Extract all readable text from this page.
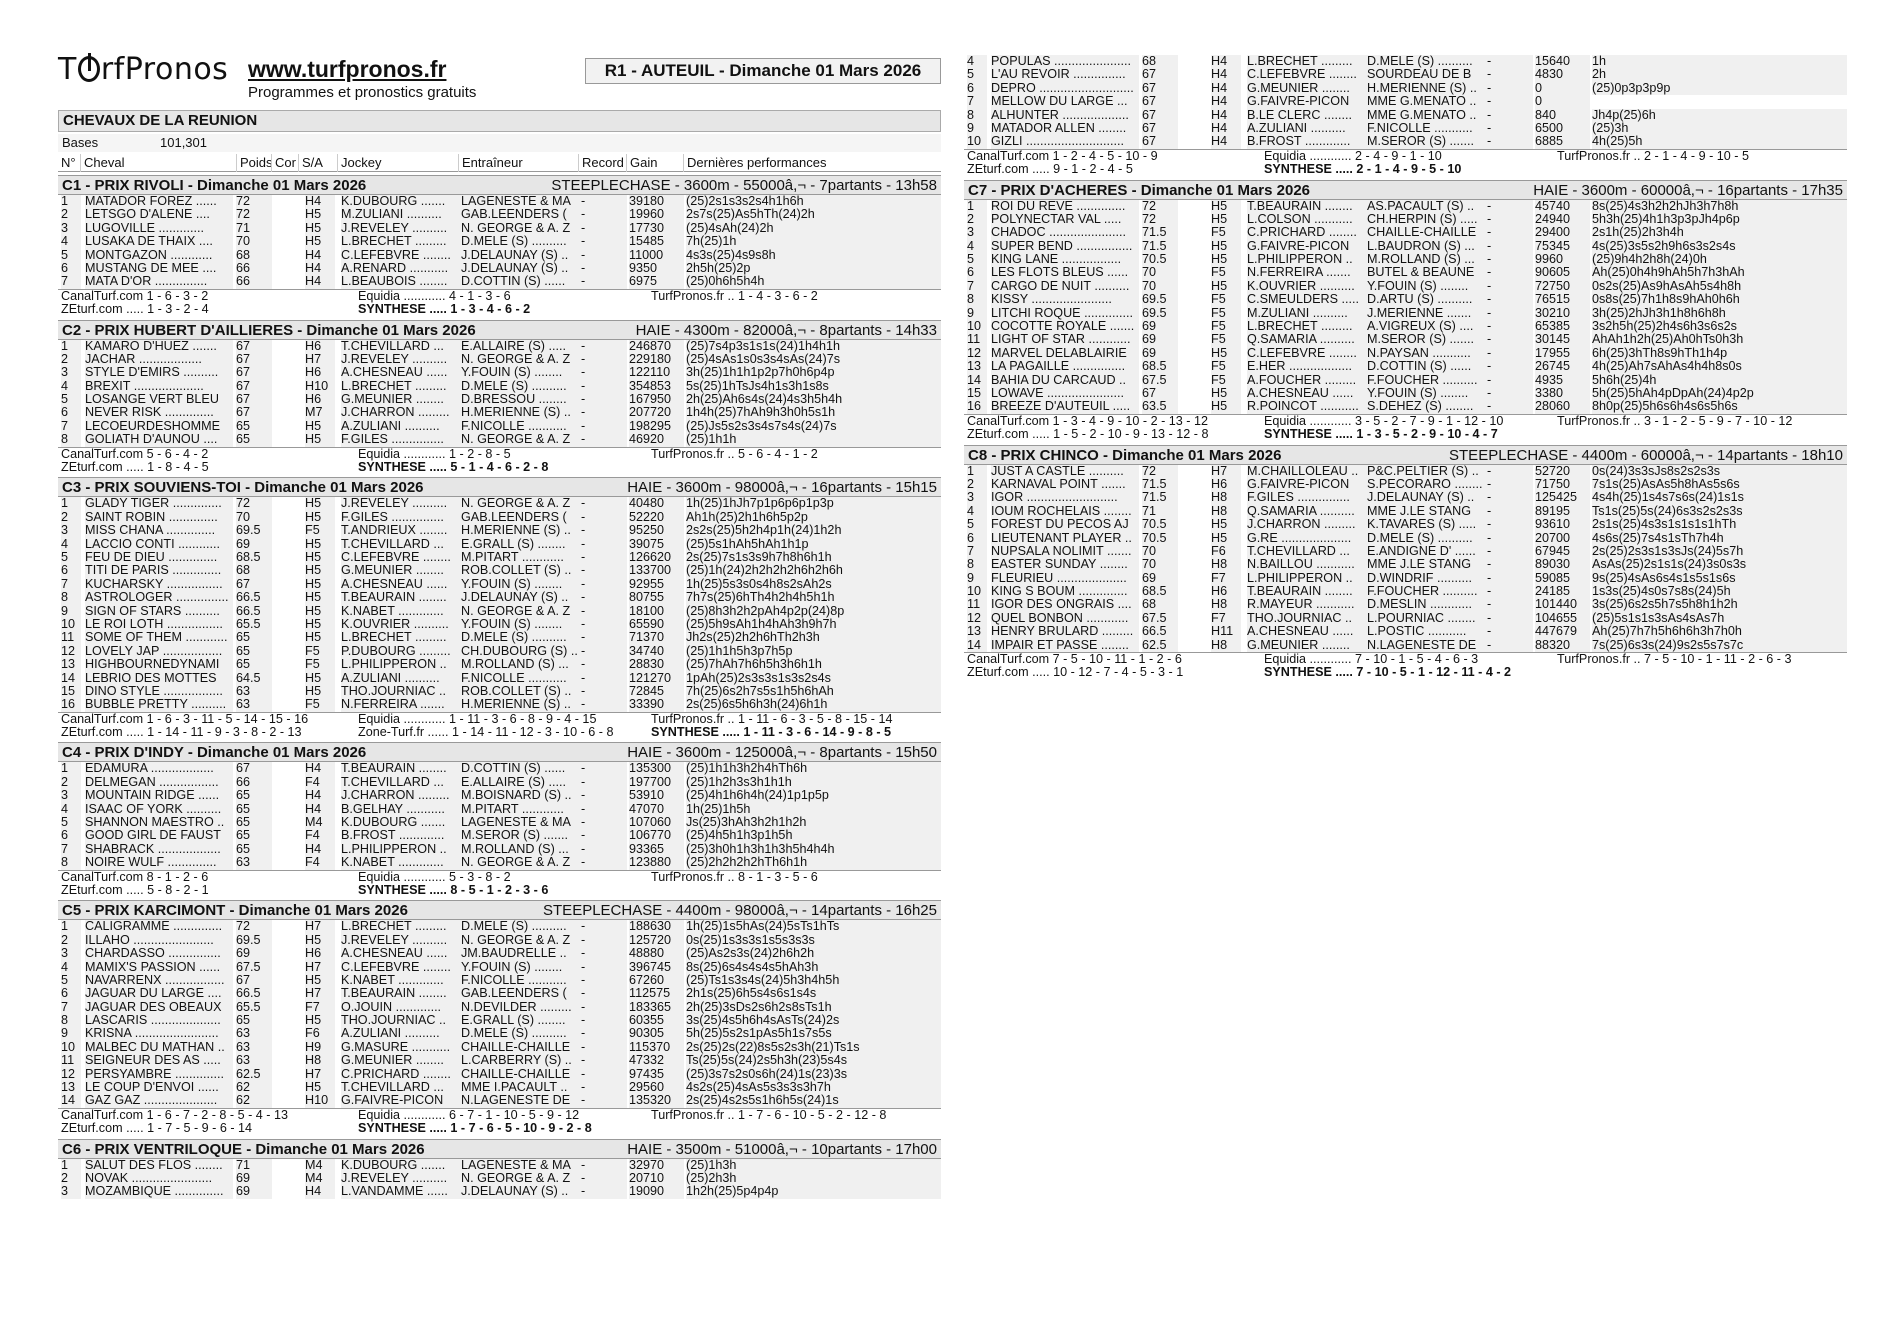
T rfPronos www.turfpronos.fr
Programmes et pronostics gratuits
R1 - AUTEUIL - Dimanche 01 Mars 2026
CHEVAUX DE LA REUNION
Bases	101,301
N° Cheval	Poids Cor S/A	Jockey	Entraîneur	Record Gain	Dernières performances
C1 - PRIX RIVOLI - Dimanche 01 Mars 2026	STEEPLECHASE - 3600m - 55000â,¬ - 7partants - 13h58
1	MATADOR FOREZ ......	72	H4	K.DUBOURG .......	LAGENESTE & MA -	39180	(25)2s1s3s2s4h1h6h
2	LETSGO D'ALENE ....	72	H5	M.ZULIANI ..........	GAB.LEENDERS (	-	19960	2s7s(25)As5hTh(24)2h
3	LUGOVILLE .............	71	H5	J.REVELEY ..........	N. GEORGE & A. Z -	17730	(25)4sAh(24)2h
4	LUSAKA DE THAIX ....	70	H5	L.BRECHET .........	D.MELE (S) ..........	-	15485	7h(25)1h
5	MONTGAZON ............	68	H4	C.LEFEBVRE ........ J.DELAUNAY (S) ..	-	11000	4s3s(25)4s9s8h
6	MUSTANG DE MEE ....	66	H4	A.RENARD ...........	J.DELAUNAY (S) ..	-	9350	2h5h(25)2p
7	MATA D'OR ...............	66	H4	L.BEAUBOIS ........	D.COTTIN (S) ......	-	6975	(25)0h6h5h4h
CanalTurf.com 1 - 6 - 3 - 2	Equidia ............ 4 - 1 - 3 - 6	TurfPronos.fr .. 1 - 4 - 3 - 6 - 2
ZEturf.com ..... 1 - 3 - 2 - 4	SYNTHESE ..... 1 - 3 - 4 - 6 - 2
C2 - PRIX HUBERT D'AILLIERES - Dimanche 01 Mars 2026	HAIE - 4300m - 82000â,¬ - 8partants - 14h33
1	KAMARO D'HUEZ .......	67	H6	T.CHEVILLARD ...	E.ALLAIRE (S) .....	-	246870	(25)7s4p3s1s1s(24)1h4h1h
2	JACHAR ..................	67	H7	J.REVELEY ..........	N. GEORGE & A. Z -	229180	(25)4sAs1s0s3s4sAs(24)7s
3	STYLE D'EMIRS ..........	67	H6	A.CHESNEAU ......	Y.FOUIN (S) ........	-	122110	3h(25)1h1h1p2p7h0h6p4p
4	BREXIT ....................	67	H10	L.BRECHET .........	D.MELE (S) ..........	-	354853	5s(25)1hTsJs4h1s3h1s8s
5	LOSANGE VERT BLEU	67	H6	G.MEUNIER ........	D.BRESSOU ........	-	167950	2h(25)Ah6s4s(24)4s3h5h4h
6	NEVER RISK ..............	67	M7	J.CHARRON ......... H.MERIENNE (S) .. -	207720	1h4h(25)7hAh9h3h0h5s1h
7	LECOEURDESHOMME	65	H5	A.ZULIANI ..........	F.NICOLLE ...........	-	198295	(25)Js5s2s3s4s7s4s(24)7s
8	GOLIATH D'AUNOU ....	65	H5	F.GILES ...............	N. GEORGE & A. Z -	46920	(25)1h1h
CanalTurf.com 5 - 6 - 4 - 2	Equidia ............ 1 - 2 - 8 - 5	TurfPronos.fr .. 5 - 6 - 4 - 1 - 2
ZEturf.com ..... 1 - 8 - 4 - 5	SYNTHESE ..... 5 - 1 - 4 - 6 - 2 - 8
C3 - PRIX SOUVIENS-TOI - Dimanche 01 Mars 2026	HAIE - 3600m - 98000â,¬ - 16partants - 15h15
1	GLADY TIGER ..............	72	H5	J.REVELEY ..........	N. GEORGE & A. Z -	40480	1h(25)1hJh7p1p6p6p1p3p
2	SAINT ROBIN ..............	70	H5	F.GILES ...............	GAB.LEENDERS (	-	52220	Ah1h(25)2h1h6h5p2p
3	MISS CHANA ..............	69.5	F5	T.ANDRIEUX ........	H.MERIENNE (S) .. -	95250	2s2s(25)5h2h4p1h(24)1h2h
4	LACCIO CONTI ............	69	H5	T.CHEVILLARD ...	E.GRALL (S) ........	-	39075	(25)5s1hAh5hAh1h1p
5	FEU DE DIEU ..............	68.5	H5	C.LEFEBVRE ........ M.PITART ............	-	126620	2s(25)7s1s3s9h7h8h6h1h
6	TITI DE PARIS ..............	68	H5	G.MEUNIER ........	ROB.COLLET (S) .. -	133700	(25)1h(24)2h2h2h2h6h2h6h
7	KUCHARSKY ................	67	H5	A.CHESNEAU ......	Y.FOUIN (S) ........	-	92955	1h(25)5s3s0s4h8s2sAh2s
8	ASTROLOGER ............... 66.5	H5	T.BEAURAIN ........	J.DELAUNAY (S) ..	-	80755	7h7s(25)6hTh4h2h4h5h1h
9	SIGN OF STARS ..........	66.5	H5	K.NABET .............	N. GEORGE & A. Z -	18100	(25)8h3h2h2pAh4p2p(24)8p
10 LE ROI LOTH ................	65.5	H5	K.OUVRIER .......... Y.FOUIN (S) ........	-	65590	(25)5h9sAh1h4hAh3h9h7h
11 SOME OF THEM ............ 65	H5	L.BRECHET .........	D.MELE (S) ..........	-	71370	Jh2s(25)2h2h6hTh2h3h
12 LOVELY JAP .................	65	F5	P.DUBOURG ......... CH.DUBOURG (S) .. -	34740	(25)1h1h5h3p7h5p
13 HIGHBOURNEDYNAMI	65	F5	L.PHILIPPERON ..	M.ROLLAND (S) ... -	28830	(25)7hAh7h6h5h3h6h1h
14 LEBRIO DES MOTTES	64.5	H5	A.ZULIANI ..........	F.NICOLLE ...........	-	121270	1pAh(25)2s3s3s1s3s2s4s
15 DINO STYLE .................	63	H5	THO.JOURNIAC ..	ROB.COLLET (S) .. -	72845	7h(25)6s2h7s5s1h5h6hAh
16 BUBBLE PRETTY .......... 63	F5	N.FERREIRA .......	H.MERIENNE (S) .. -	33390	2s(25)6s5h6h3h(24)6h1h
CanalTurf.com 1 - 6 - 3 - 11 - 5 - 14 - 15 - 16	Equidia ............ 1 - 11 - 3 - 6 - 8 - 9 - 4 - 15	TurfPronos.fr .. 1 - 11 - 6 - 3 - 5 - 8 - 15 - 14
ZEturf.com ..... 1 - 14 - 11 - 9 - 3 - 8 - 2 - 13	Zone-Turf.fr ...... 1 - 14 - 11 - 12 - 3 - 10 - 6 - 8	SYNTHESE ..... 1 - 11 - 3 - 6 - 14 - 9 - 8 - 5
C4 - PRIX D'INDY - Dimanche 01 Mars 2026	HAIE - 3600m - 125000â,¬ - 8partants - 15h50
1	EDAMURA ..................	67	H4	T.BEAURAIN ........	D.COTTIN (S) ......	-	135300	(25)1h1h3h2h4hTh6h
2	DELMEGAN .................	66	F4	T.CHEVILLARD ...	E.ALLAIRE (S) .....	-	197700	(25)1h2h3s3h1h1h
3	MOUNTAIN RIDGE ......	65	H4	J.CHARRON ......... M.BOISNARD (S) .. -	53910	(25)4h1h6h4h(24)1p1p5p
4	ISAAC OF YORK ..........	65	H4	B.GELHAY ...........	M.PITART ............	-	47070	1h(25)1h5h
5	SHANNON MAESTRO .. 65	M4	K.DUBOURG .......	LAGENESTE & MA -	107060	Js(25)3hAh3h2h1h2h
6	GOOD GIRL DE FAUST	65	F4	B.FROST .............	M.SEROR (S) .......	-	106770	(25)4h5h1h3p1h5h
7	SHABRACK ..................	65	H4	L.PHILIPPERON ..	M.ROLLAND (S) ... -	93365	(25)3h0h1h3h1h3h5h4h4h
8	NOIRE WULF ..............	63	F4	K.NABET .............	N. GEORGE & A. Z -	123880	(25)2h2h2h2hTh6h1h
CanalTurf.com 8 - 1 - 2 - 6	Equidia ............ 5 - 3 - 8 - 2	TurfPronos.fr .. 8 - 1 - 3 - 5 - 6
ZEturf.com ..... 5 - 8 - 2 - 1	SYNTHESE ..... 8 - 5 - 1 - 2 - 3 - 6
C5 - PRIX KARCIMONT - Dimanche 01 Mars 2026	STEEPLECHASE - 4400m - 98000â,¬ - 14partants - 16h25
1	CALIGRAMME ..............	72	H7	L.BRECHET .........	D.MELE (S) ..........	-	188630	1h(25)1s5hAs(24)5sTs1hTs
2	ILLAHO .......................	69.5	H5	J.REVELEY ..........	N. GEORGE & A. Z -	125720	0s(25)1s3s3s1s5s3s3s
3	CHARDASSO ...............	69	H6	A.CHESNEAU ......	JM.BAUDRELLE ..	-	48880	(25)As2s3s(24)2h6h2h
4	MAMIX'S PASSION ......	67.5	H7	C.LEFEBVRE ........ Y.FOUIN (S) ........	-	396745	8s(25)6s4s4s4s5hAh3h
5	NAVARRENX ................. 67	H5	K.NABET .............	F.NICOLLE ...........	-	67260	(25)Ts1s3s4s(24)5h3h4h5h
6	JAGUAR DU LARGE ....	66.5	H7	T.BEAURAIN ........	GAB.LEENDERS (	-	112575	2h1s(25)6h5s4s6s1s4s
7	JAGUAR DES OBEAUX	65.5	F7	O.JOUIN .............	N.DEVILDER ......... -	183365	2h(25)3sDs2s6h2s8sTs1h
8	LASCARIS ....................	65	H5	THO.JOURNIAC ..	E.GRALL (S) ........	-	60355	3s(25)4s5h6h4sAsTs(24)2s
9	KRISNA ........................	63	F6	A.ZULIANI ..........	D.MELE (S) ..........	-	90305	5h(25)5s2s1pAs5h1s7s5s
10 MALBEC DU MATHAN .. 63	H9	G.MASURE ........... CHAILLE-CHAILLE -	115370	2s(25)2s(22)8s5s2s3h(21)Ts1s
11 SEIGNEUR DES AS .....	63	H8	G.MEUNIER ........	L.CARBERRY (S) .. -	47332	Ts(25)5s(24)2s5h3h(23)5s4s
12 PERSYAMBRE .............. 62.5	H7	C.PRICHARD ........ CHAILLE-CHAILLE -	97435	(25)3s7s2s0s6h(24)1s(23)3s
13 LE COUP D'ENVOI ......	62	H5	T.CHEVILLARD ...	MME I.PACAULT ..	-	29560	4s2s(25)4sAs5s3s3s3h7h
14 GAZ GAZ .....................	62	H10	G.FAIVRE-PICON	N.LAGENESTE DE -	135320	2s(25)4s2s5s1h6h5s(24)1s
CanalTurf.com 1 - 6 - 7 - 2 - 8 - 5 - 4 - 13	Equidia ............ 6 - 7 - 1 - 10 - 5 - 9 - 12	TurfPronos.fr .. 1 - 7 - 6 - 10 - 5 - 2 - 12 - 8
ZEturf.com ..... 1 - 7 - 5 - 9 - 6 - 14	SYNTHESE ..... 1 - 7 - 6 - 5 - 10 - 9 - 2 - 8
C6 - PRIX VENTRILOQUE - Dimanche 01 Mars 2026	HAIE - 3500m - 51000â,¬ - 10partants - 17h00
1	SALUT DES FLOS ........	71	M4	K.DUBOURG .......	LAGENESTE & MA -	32970	(25)1h3h
2	NOVAK .......................	69	M4	J.REVELEY ..........	N. GEORGE & A. Z -	20710	(25)2h3h
3	MOZAMBIQUE .............. 69	H4	L.VANDAMME ......	J.DELAUNAY (S) ..	-	19090	1h2h(25)5p4p4p
4	POPULAS ...................... 68	H4	L.BRECHET .........	D.MELE (S) ..........	-	15640	1h
5	L'AU REVOIR ...............	67	H4	C.LEFEBVRE ........ SOURDEAU DE B	-	4830	2h
6	DEPRO ........................... 67	H4	G.MEUNIER ........	H.MERIENNE (S) .. -	0	(25)0p3p3p9p
7	MELLOW DU LARGE ...	67	H4	G.FAIVRE-PICON	MME G.MENATO .. -	0
8	ALHUNTER ...................	67	H4	B.LE CLERC ........	MME G.MENATO .. -	840	Jh4p(25)6h
9	MATADOR ALLEN ........	67	H4	A.ZULIANI ..........	F.NICOLLE ...........	-	6500	(25)3h
10 GIZLI ............................	67	H4	B.FROST .............	M.SEROR (S) .......	-	6885	4h(25)5h
CanalTurf.com 1 - 2 - 4 - 5 - 10 - 9	Equidia ............ 2 - 4 - 9 - 1 - 10	TurfPronos.fr .. 2 - 1 - 4 - 9 - 10 - 5
ZEturf.com ..... 9 - 1 - 2 - 4 - 5	SYNTHESE ..... 2 - 1 - 4 - 9 - 5 - 10
C7 - PRIX D'ACHERES - Dimanche 01 Mars 2026	HAIE - 3600m - 60000â,¬ - 16partants - 17h35
1	ROI DU REVE ..............	72	H5	T.BEAURAIN ........	AS.PACAULT (S) ..	-	45740	8s(25)4s3h2h2hJh3h7h8h
2	POLYNECTAR VAL .....	72	H5	L.COLSON ...........	CH.HERPIN (S) ..... -	24940	5h3h(25)4h1h3p3pJh4p6p
3	CHADOC ......................	71.5	F5	C.PRICHARD ........ CHAILLE-CHAILLE -	29400	2s1h(25)2h3h4h
4	SUPER BEND ................ 71.5	H5	G.FAIVRE-PICON	L.BAUDRON (S) ... -	75345	4s(25)3s5s2h9h6s3s2s4s
5	KING LANE .................	70.5	H5	L.PHILIPPERON ..	M.ROLLAND (S) ... -	9960	(25)9h4h2h8h(24)0h
6	LES FLOTS BLEUS ......	70	F5	N.FERREIRA .......	BUTEL & BEAUNE	-	90605	Ah(25)0h4h9hAh5h7h3hAh
7	CARGO DE NUIT ..........	70	H5	K.OUVRIER .......... Y.FOUIN (S) ........	-	72750	0s2s(25)As9hAsAh5s4h8h
8	KISSY .......................	69.5	F5	C.SMEULDERS ..... D.ARTU (S) ..........	-	76515	0s8s(25)7h1h8s9hAh0h6h
9	LITCHI ROQUE .............. 69.5	F5	M.ZULIANI ..........	J.MERIENNE .......	-	30210	3h(25)2hJh3h1h8h6h8h
10 COCOTTE ROYALE ....... 69	F5	L.BRECHET .........	A.VIGREUX (S) ....	-	65385	3s2h5h(25)2h4s6h3s6s2s
11 LIGHT OF STAR ............ 69	F5	Q.SAMARIA .......... M.SEROR (S) .......	-	30145	AhAh1h2h(25)Ah0hTs0h3h
12 MARVEL DELABLAIRIE	69	H5	C.LEFEBVRE ........ N.PAYSAN ...........	-	17955	6h(25)3hTh8s9hTh1h4p
13 LA PAGAILLE ...............	68.5	F5	E.HER ..................	D.COTTIN (S) ......	-	26745	4h(25)Ah7sAhAs4h4h8s0s
14 BAHIA DU CARCAUD ..	67.5	F5	A.FOUCHER ......... F.FOUCHER .......... -	4935	5h6h(25)4h
15 LOWAVE ......................	67	H5	A.CHESNEAU ......	Y.FOUIN (S) ........	-	3380	5h(25)5hAh4pDpAh(24)4p2p
16 BREEZE D'AUTEUIL ..... 63.5	H5	R.POINCOT ........... S.DEHEZ (S) ........	-	28060	8h0p(25)5h6s6h4s6s5h6s
CanalTurf.com 1 - 3 - 4 - 9 - 10 - 2 - 13 - 12	Equidia ............ 3 - 5 - 2 - 7 - 9 - 1 - 12 - 10	TurfPronos.fr .. 3 - 1 - 2 - 5 - 9 - 7 - 10 - 12
ZEturf.com ..... 1 - 5 - 2 - 10 - 9 - 13 - 12 - 8	SYNTHESE ..... 1 - 3 - 5 - 2 - 9 - 10 - 4 - 7
C8 - PRIX CHINCO - Dimanche 01 Mars 2026	STEEPLECHASE - 4400m - 60000â,¬ - 14partants - 18h10
1	JUST A CASTLE ..........	72	H7	M.CHAILLOLEAU .. P&C.PELTIER (S) .. -	52720	0s(24)3s3sJs8s2s2s3s
2	KARNAVAL POINT .......	71.5	H6	G.FAIVRE-PICON	S.PECORARO ........ -	71750	7s1s(25)AsAs5h8hAs5s6s
3	IGOR ..........................	71.5	H8	F.GILES ...............	J.DELAUNAY (S) ..	-	125425	4s4h(25)1s4s7s6s(24)1s1s
4	IOUM ROCHELAIS ........ 71	H8	Q.SAMARIA .......... MME J.LE STANG	-	89195	Ts1s(25)5s(24)6s3s2s2s3s
5	FOREST DU PECOS AJ	70.5	H5	J.CHARRON ......... K.TAVARES (S) ..... -	93610	2s1s(25)4s3s1s1s1s1hTh
6	LIEUTENANT PLAYER .. 70.5	H5	G.RE ....................	D.MELE (S) ..........	-	20700	4s6s(25)7s4s1sTh7h4h
7	NUPSALA NOLIMIT ....... 70	F6	T.CHEVILLARD ...	E.ANDIGNE D' ...... -	67945	2s(25)2s3s1s3sJs(24)5s7h
8	EASTER SUNDAY ........	70	H8	N.BAILLOU ........... MME J.LE STANG	-	89030	AsAs(25)2s1s1s(24)3s0s3s
9	FLEURIEU ....................	69	F7	L.PHILIPPERON ..	D.WINDRIF ..........	-	59085	9s(25)4sAs6s4s1s5s1s6s
10 KING S BOUM ..............	68.5	H6	T.BEAURAIN ........	F.FOUCHER .......... -	24185	1s3s(25)4s0s7s8s(24)5h
11 IGOR DES ONGRAIS .... 68	H8	R.MAYEUR ........... D.MESLIN ............	-	101440	3s(25)6s2s5h7s5h8h1h2h
12 QUEL BONBON ............	67.5	F7	THO.JOURNIAC ..	L.POURNIAC ........ -	104655	(25)5s1s1s3sAs4sAs7h
13 HENRY BRULARD ......... 66.5	H11	A.CHESNEAU ......	L.POSTIC ...........	-	447679	Ah(25)7h7h5h6h6h3h7h0h
14 IMPAIR ET PASSE ........	62.5	H8	G.MEUNIER ........	N.LAGENESTE DE -	88320	7s(25)6s3s(24)9s2s5s7s7c
CanalTurf.com 7 - 5 - 10 - 11 - 1 - 2 - 6	Equidia ............ 7 - 10 - 1 - 5 - 4 - 6 - 3	TurfPronos.fr .. 7 - 5 - 10 - 1 - 11 - 2 - 6 - 3
ZEturf.com ..... 10 - 12 - 7 - 4 - 5 - 3 - 1	SYNTHESE ..... 7 - 10 - 5 - 1 - 12 - 11 - 4 - 2
